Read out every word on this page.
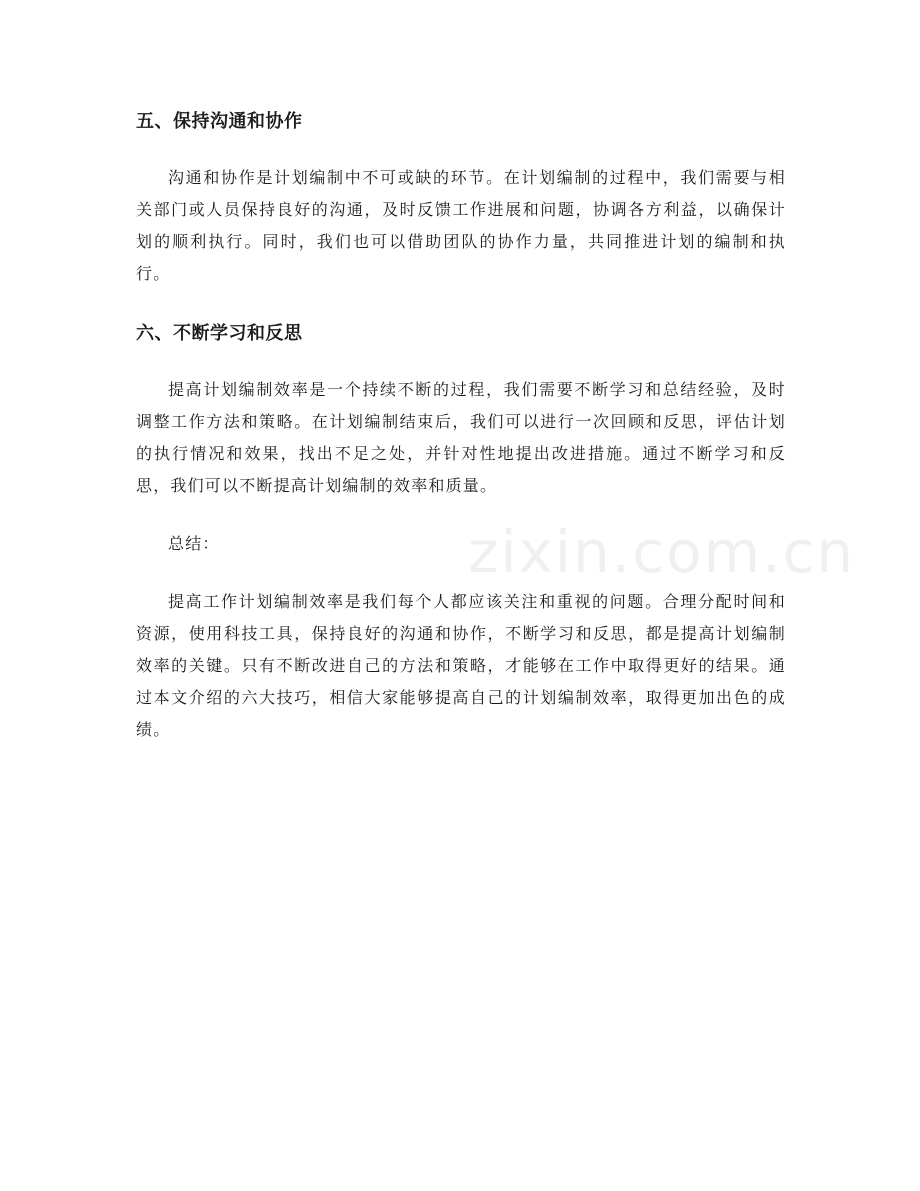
五、保持沟通和协作

沟通和协作是计划编制中不可或缺的环节。在计划编制的过程中，我们需要与相关部门或人员保持良好的沟通，及时反馈工作进展和问题，协调各方利益，以确保计划的顺利执行。同时，我们也可以借助团队的协作力量，共同推进计划的编制和执行。

六、不断学习和反思

提高计划编制效率是一个持续不断的过程，我们需要不断学习和总结经验，及时调整工作方法和策略。在计划编制结束后，我们可以进行一次回顾和反思，评估计划的执行情况和效果，找出不足之处，并针对性地提出改进措施。通过不断学习和反思，我们可以不断提高计划编制的效率和质量。

总结：

提高工作计划编制效率是我们每个人都应该关注和重视的问题。合理分配时间和资源，使用科技工具，保持良好的沟通和协作，不断学习和反思，都是提高计划编制效率的关键。只有不断改进自己的方法和策略，才能够在工作中取得更好的结果。通过本文介绍的六大技巧，相信大家能够提高自己的计划编制效率，取得更加出色的成绩。

zixin.com.cn
